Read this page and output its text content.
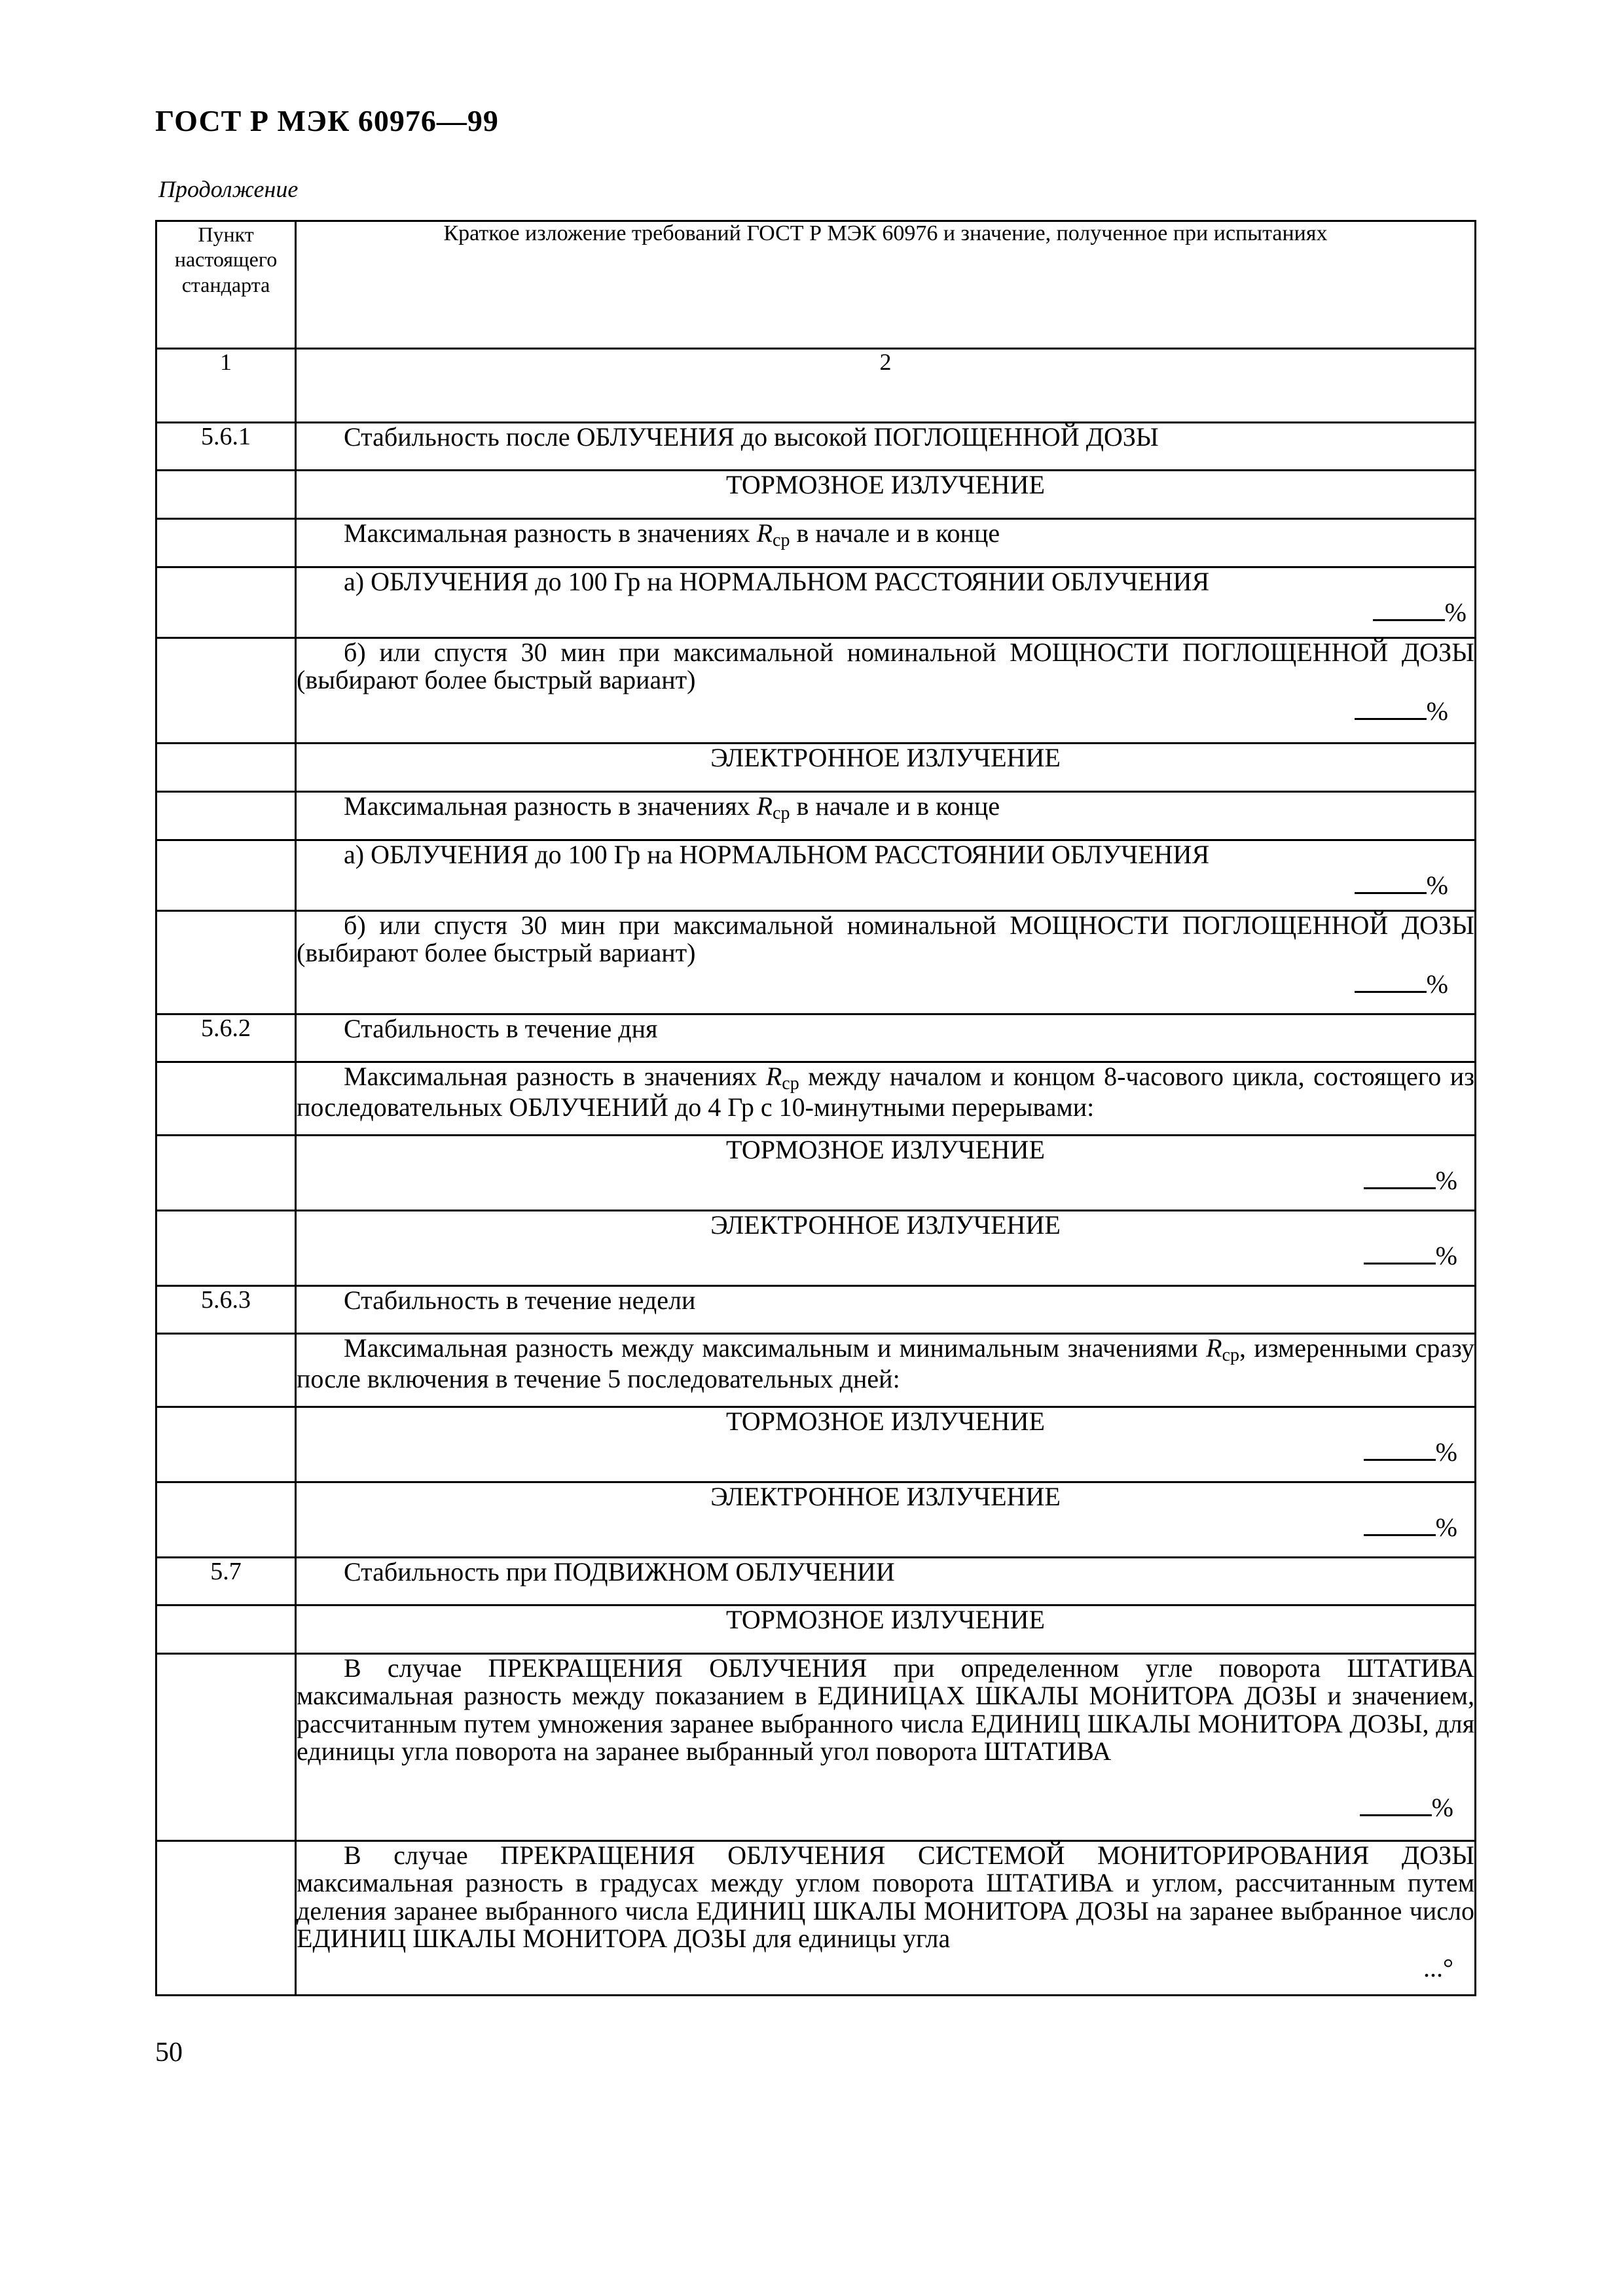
ГОСТ Р МЭК 60976—99
Продолжение
Пункт настоящего стандарта	Краткое изложение требований ГОСТ Р МЭК 60976 и значение, полученное при испытаниях
1	2
5.6.1	Стабильность после ОБЛУЧЕНИЯ до высокой ПОГЛОЩЕННОЙ ДОЗЫ
	ТОРМОЗНОЕ ИЗЛУЧЕНИЕ
	Максимальная разность в значениях $R_{ср}$ в начале и в конце

	а) ОБЛУЧЕНИЯ до 100 Гр на НОРМАЛЬНОМ РАССТОЯНИИ ОБЛУЧЕНИЯ
%

	б) или спустя 30 мин при максимальной номинальной МОЩНОСТИ ПОГЛОЩЕННОЙ ДОЗЫ (выбирают более быстрый вариант)
%

	ЭЛЕКТРОННОЕ ИЗЛУЧЕНИЕ
	Максимальная разность в значениях $R_{ср}$ в начале и в конце

	а) ОБЛУЧЕНИЯ до 100 Гр на НОРМАЛЬНОМ РАССТОЯНИИ ОБЛУЧЕНИЯ
%

	б) или спустя 30 мин при максимальной номинальной МОЩНОСТИ ПОГЛОЩЕННОЙ ДОЗЫ (выбирают более быстрый вариант)
%

5.6.2	Стабильность в течение дня
	Максимальная разность в значениях $R_{ср}$ между началом и концом 8-часового цикла, состоящего из последовательных ОБЛУЧЕНИЙ до 4 Гр с 10-минутными перерывами:

	ТОРМОЗНОЕ ИЗЛУЧЕНИЕ
%

	ЭЛЕКТРОННОЕ ИЗЛУЧЕНИЕ
%

5.6.3	Стабильность в течение недели
	Максимальная разность между максимальным и минимальным значениями $R_{ср}$, измеренными сразу после включения в течение 5 последовательных дней:

	ТОРМОЗНОЕ ИЗЛУЧЕНИЕ
%

	ЭЛЕКТРОННОЕ ИЗЛУЧЕНИЕ
%

5.7	Стабильность при ПОДВИЖНОМ ОБЛУЧЕНИИ
	ТОРМОЗНОЕ ИЗЛУЧЕНИЕ

	В случае ПРЕКРАЩЕНИЯ ОБЛУЧЕНИЯ при определенном угле поворота ШТАТИВА максимальная разность между показанием в ЕДИНИЦАХ ШКАЛЫ МОНИТОРА ДОЗЫ и значением, рассчитанным путем умножения заранее выбранного числа ЕДИНИЦ ШКАЛЫ МОНИТОРА ДОЗЫ, для единицы угла поворота на заранее выбранный угол поворота ШТАТИВА
%

	В случае ПРЕКРАЩЕНИЯ ОБЛУЧЕНИЯ СИСТЕМОЙ МОНИТОРИРОВАНИЯ ДОЗЫ максимальная разность в градусах между углом поворота ШТАТИВА и углом, рассчитанным путем деления заранее выбранного числа ЕДИНИЦ ШКАЛЫ МОНИТОРА ДОЗЫ на заранее выбранное число ЕДИНИЦ ШКАЛЫ МОНИТОРА ДОЗЫ для единицы угла
...°
50
